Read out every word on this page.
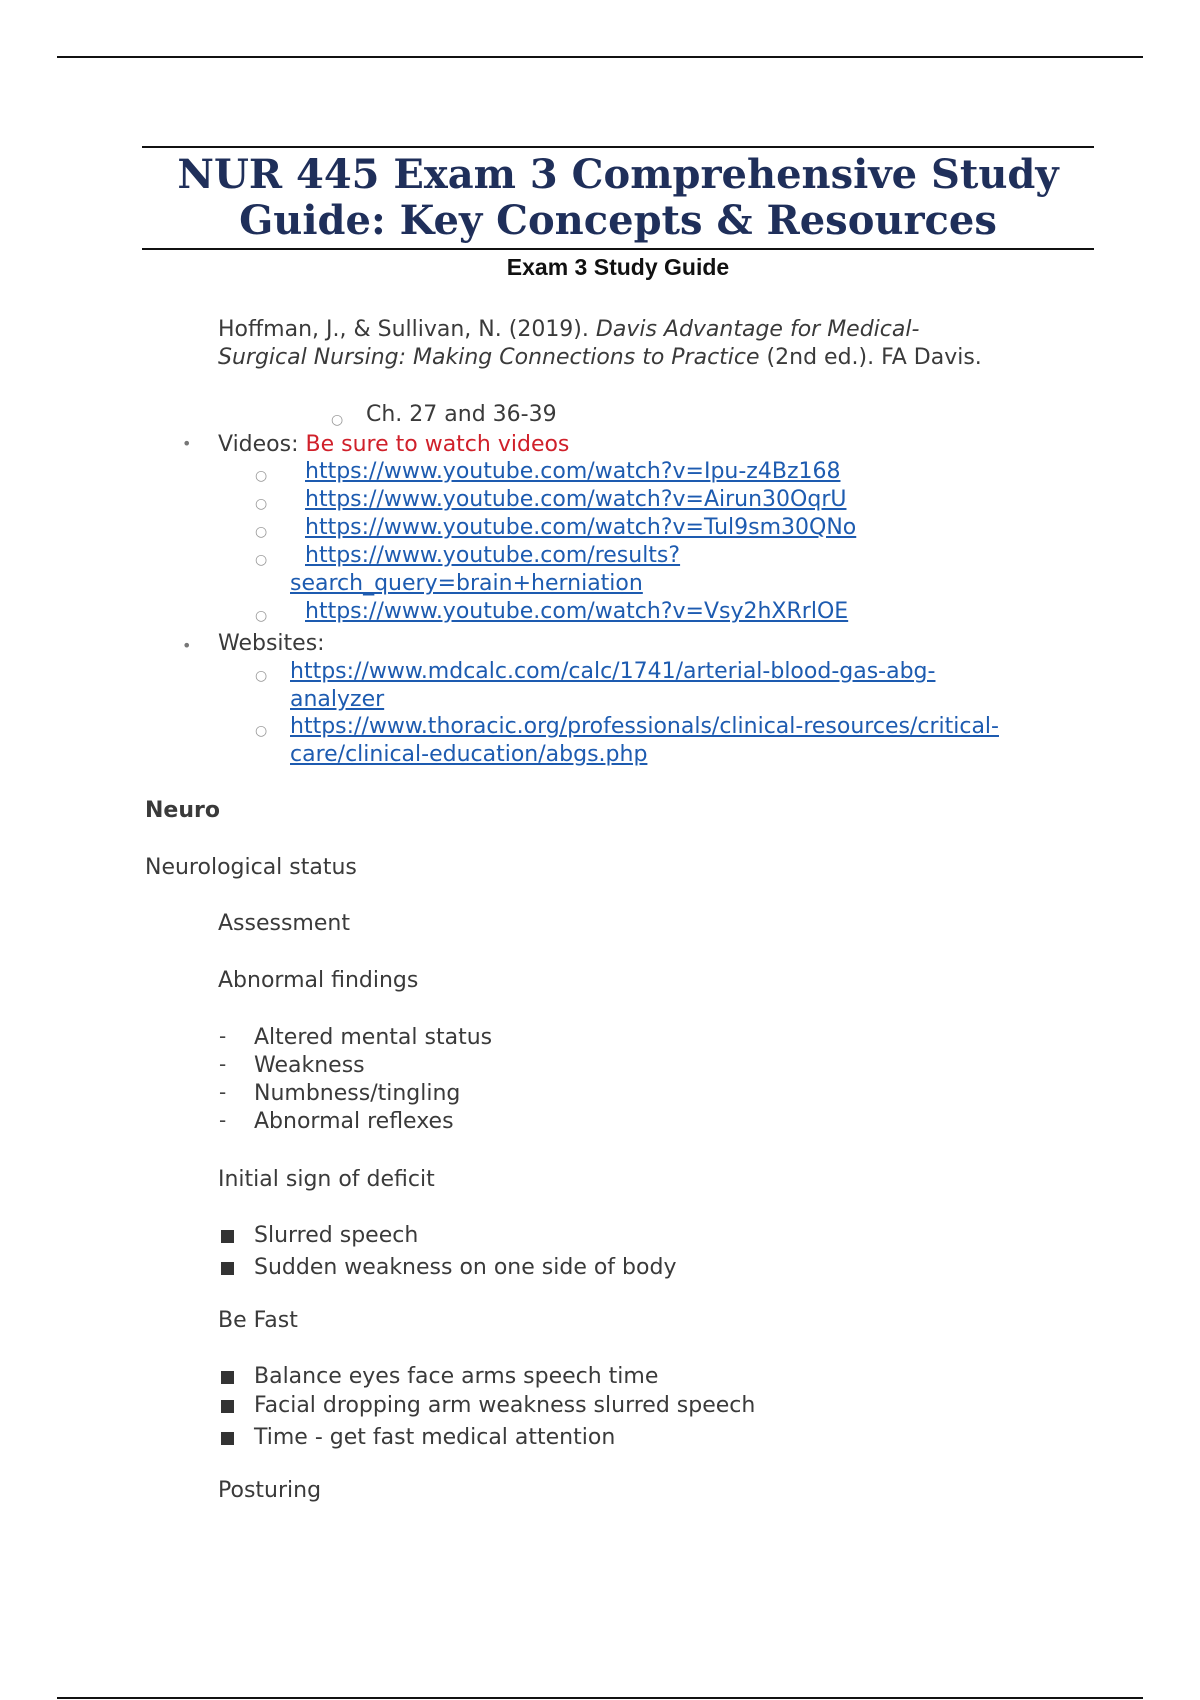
NUR 445 Exam 3 Comprehensive Study Guide: Key Concepts & Resources
Exam 3 Study Guide
Hoffman, J., & Sullivan, N. (2019). Davis Advantage for Medical-
Surgical Nursing: Making Connections to Practice (2nd ed.). FA Davis.
○ Ch. 27 and 36-39
• Videos: Be sure to watch videos
○ https://www.youtube.com/watch?v=Ipu-z4Bz168
○ https://www.youtube.com/watch?v=Airun30OqrU
○ https://www.youtube.com/watch?v=Tul9sm30QNo
○ https://www.youtube.com/results?
search_query=brain+herniation
○ https://www.youtube.com/watch?v=Vsy2hXRrlOE
• Websites:
○ https://www.mdcalc.com/calc/1741/arterial-blood-gas-abg-
analyzer
○ https://www.thoracic.org/professionals/clinical-resources/critical-
care/clinical-education/abgs.php
Neuro
Neurological status
Assessment
Abnormal findings
- Altered mental status
- Weakness
- Numbness/tingling
- Abnormal reflexes
Initial sign of deficit
Slurred speech
Sudden weakness on one side of body
Be Fast
Balance eyes face arms speech time
Facial dropping arm weakness slurred speech
Time - get fast medical attention
Posturing
